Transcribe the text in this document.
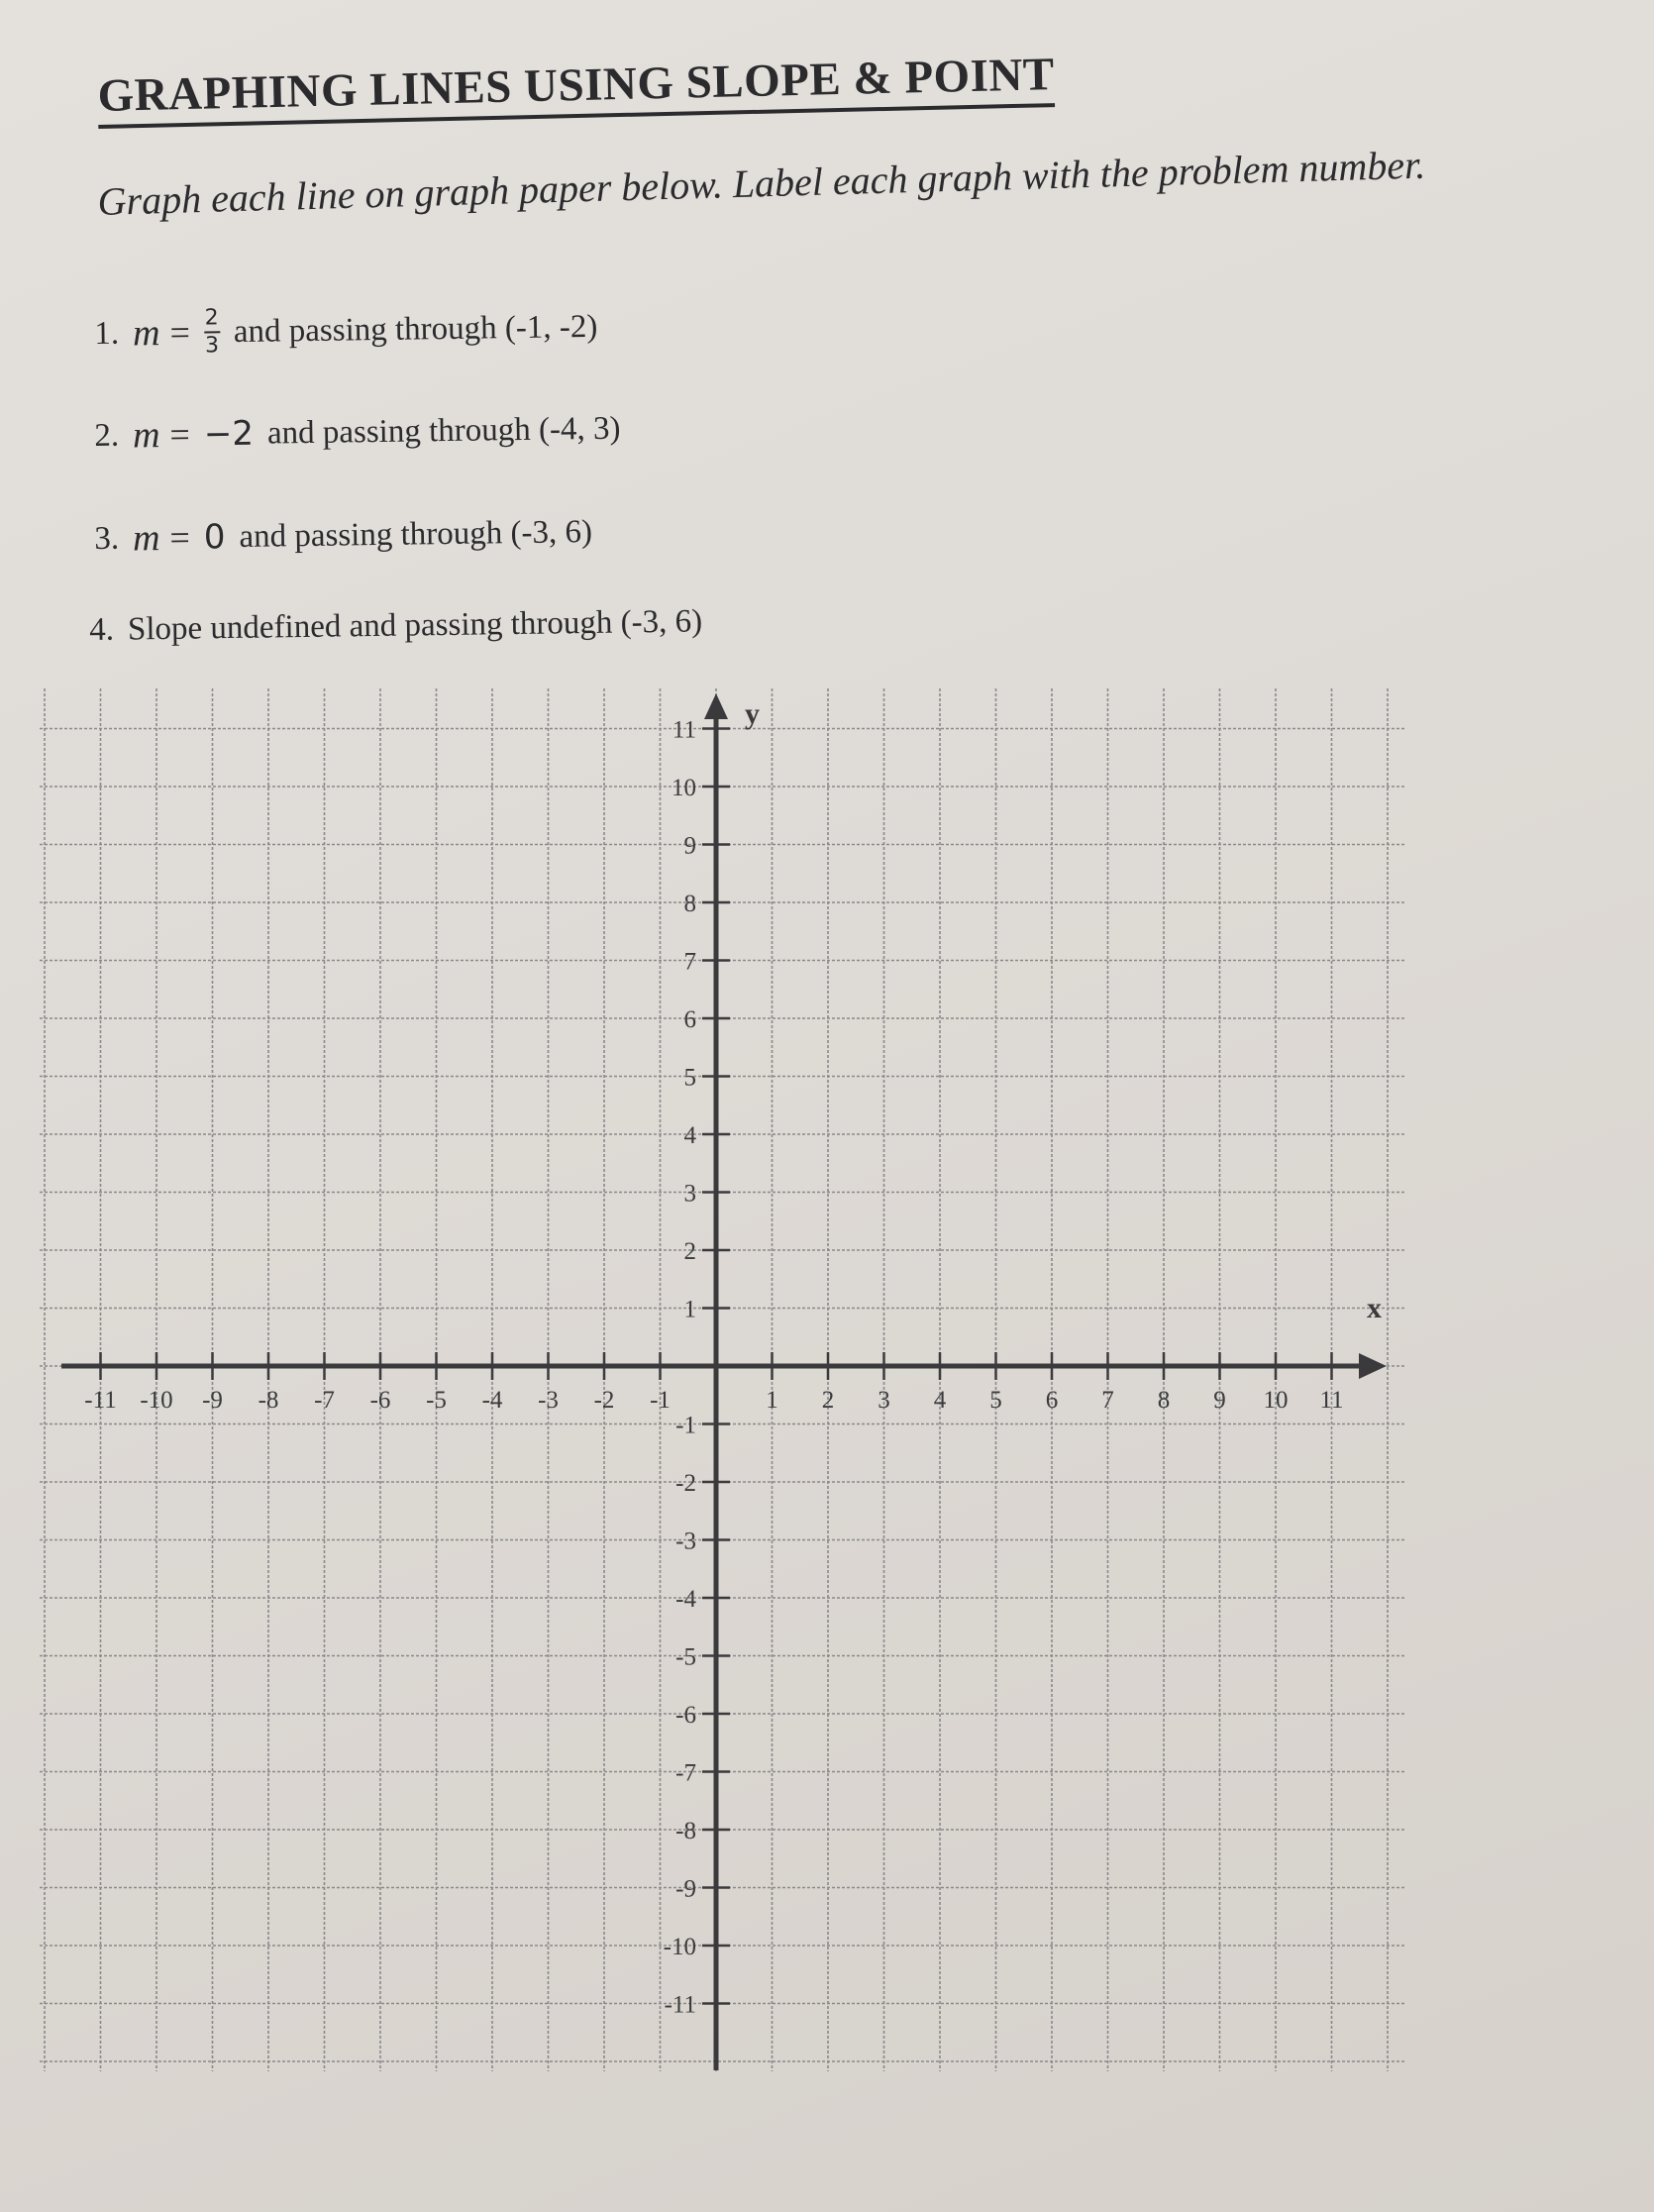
GRAPHING LINES USING SLOPE & POINT
Graph each line on graph paper below. Label each graph with the problem number.
1. $m = \frac{2}{3}$ and passing through (-1, -2)
2. m = −2 and passing through (-4, 3)
3. m = 0 and passing through (-3, 6)
4. Slope undefined and passing through (-3, 6)
-11 -10 -9 -8 -7 -6 -5 -4 -3 -2 -1	1 2 3 4 5 6 7 8 9 10 11
11
10
9
8
7
6
5
4
3
2
1
-1
-2
-3
-4
-5
-6
-7
-8
-9
-10
-11
x
y
